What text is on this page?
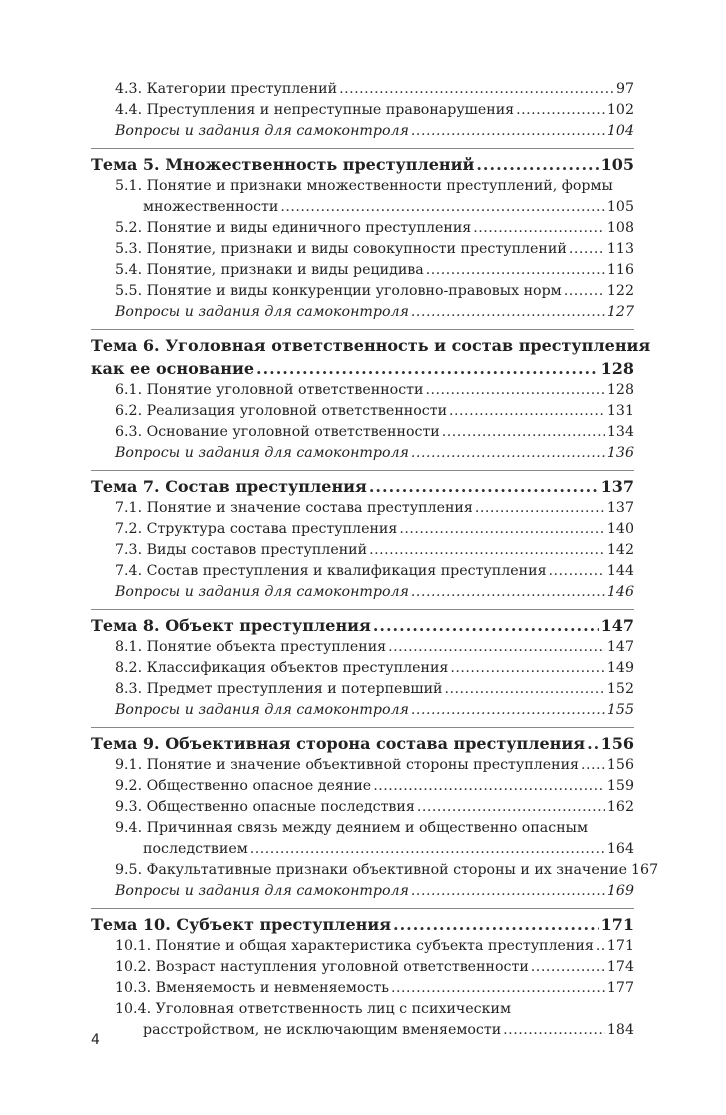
4.3. Категории преступлений .....	97
4.4. Преступления и непреступные правонарушения .....	102
Вопросы и задания для самоконтроля .....	104
Тема 5. Множественность преступлений .....	105
5.1. Понятие и признаки множественности преступлений, формы
множественности .....	105
5.2. Понятие и виды единичного преступления .....	108
5.3. Понятие, признаки и виды совокупности преступлений .....	113
5.4. Понятие, признаки и виды рецидива .....	116
5.5. Понятие и виды конкуренции уголовно-правовых норм .....	122
Вопросы и задания для самоконтроля .....	127
Тема 6. Уголовная ответственность и состав преступления
как ее основание .....	128
6.1. Понятие уголовной ответственности .....	128
6.2. Реализация уголовной ответственности .....	131
6.3. Основание уголовной ответственности .....	134
Вопросы и задания для самоконтроля .....	136
Тема 7. Состав преступления .....	137
7.1. Понятие и значение состава преступления .....	137
7.2. Структура состава преступления .....	140
7.3. Виды составов преступлений .....	142
7.4. Состав преступления и квалификация преступления .....	144
Вопросы и задания для самоконтроля .....	146
Тема 8. Объект преступления .....	147
8.1. Понятие объекта преступления .....	147
8.2. Классификация объектов преступления .....	149
8.3. Предмет преступления и потерпевший .....	152
Вопросы и задания для самоконтроля .....	155
Тема 9. Объективная сторона состава преступления ..... 156
9.1. Понятие и значение объективной стороны преступления ..... 156
9.2. Общественно опасное деяние .....	159
9.3. Общественно опасные последствия .....	162
9.4. Причинная связь между деянием и общественно опасным
последствием .....	164
9.5. Факультативные признаки объективной стороны и их значение 167
Вопросы и задания для самоконтроля .....	169
Тема 10. Субъект преступления .....	171
10.1. Понятие и общая характеристика субъекта преступления ..... 171
10.2. Возраст наступления уголовной ответственности .....	174
10.3. Вменяемость и невменяемость .....	177
10.4. Уголовная ответственность лиц с психическим
расстройством, не исключающим вменяемости .....	184
4
